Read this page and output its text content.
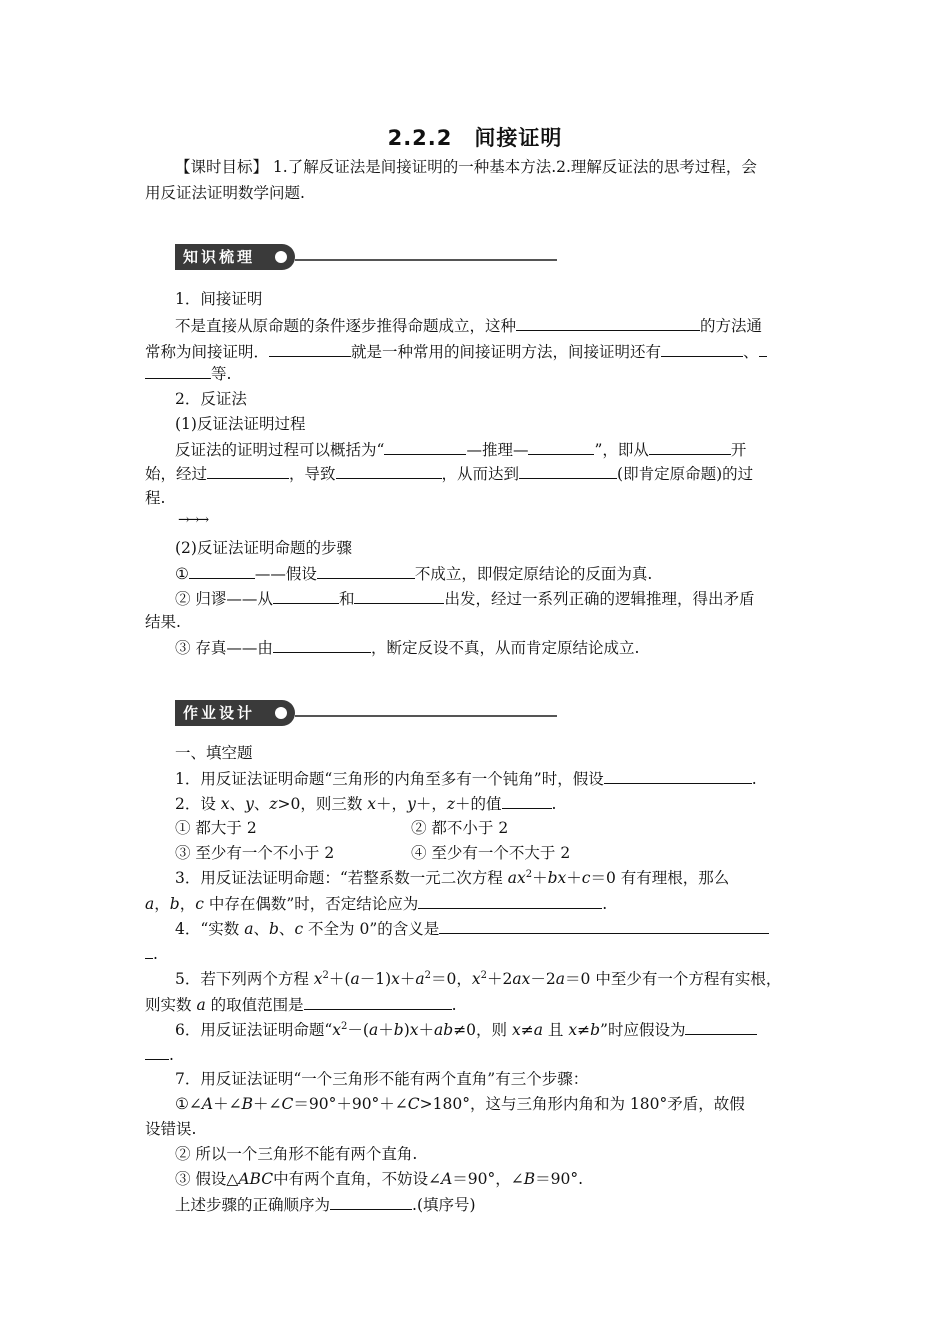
2.2.2　间接证明
【课时目标】 1.了解反证法是间接证明的一种基本方法.2.理解反证法的思考过程，会
用反证法证明数学问题.
知识梳理
1．间接证明
不是直接从原命题的条件逐步推得命题成立，这种	的方法通
常称为间接证明．	就是一种常用的间接证明方法，间接证明还有	、
等.
2．反证法
(1)反证法证明过程
反证法的证明过程可以概括为“	—推理—	”，即从	开
始，经过	，导致	，从而达到	(即肯定原命题)的过
程.
→→→
(2)反证法证明命题的步骤
①	——假设	不成立，即假定原结论的反面为真.
② 归谬——从	和	出发，经过一系列正确的逻辑推理，得出矛盾
结果.
③ 存真——由	，断定反设不真，从而肯定原结论成立.
作业设计
一、填空题
1．用反证法证明命题“三角形的内角至多有一个钝角”时，假设	.
2．设 x、y、z>0，则三数 x＋，y＋，z＋的值	.
① 都大于 2	② 都不小于 2
③ 至少有一个不小于 2	④ 至少有一个不大于 2
3．用反证法证明命题：“若整系数一元二次方程 $ax^2+bx+c=0$ 有有理根，那么
a，b，c 中存在偶数”时，否定结论应为	.
4．“实数 a、b、c 不全为 0”的含义是
.
5．若下列两个方程 $x^2+(a-1)x+a^2=0$，$x^2+2ax-2a=0$ 中至少有一个方程有实根，
则实数 a 的取值范围是	.
6．用反证法证明命题“$x^2-(a+b)x+ab\ne 0$，则 x≠a 且 x≠b”时应假设为
.
7．用反证法证明“一个三角形不能有两个直角”有三个步骤：
①∠A＋∠B＋∠C＝90°＋90°＋∠C>180°，这与三角形内角和为 180°矛盾，故假
设错误.
② 所以一个三角形不能有两个直角.
③ 假设△ABC中有两个直角，不妨设∠A＝90°，∠B＝90°.
上述步骤的正确顺序为	.(填序号)
